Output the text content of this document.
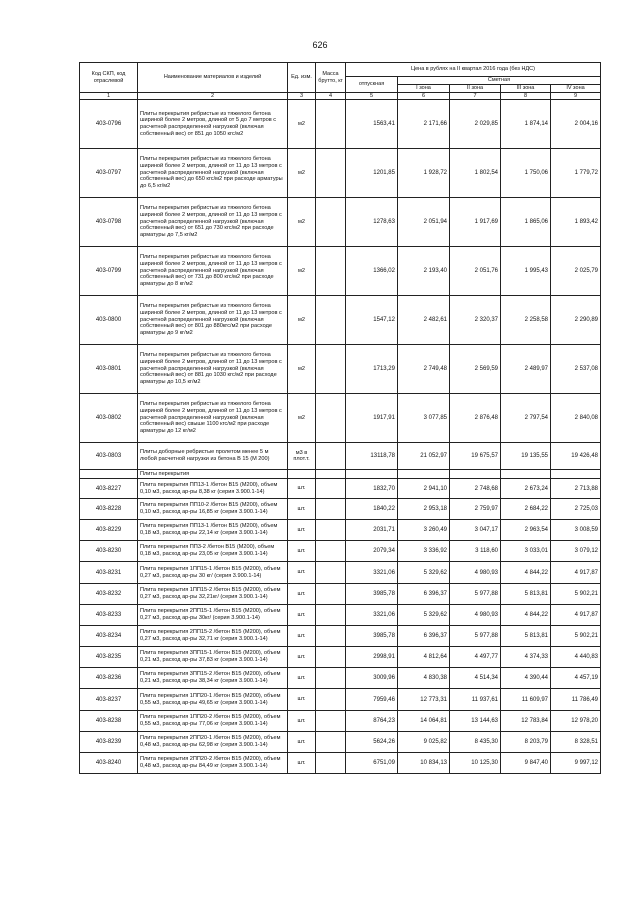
626
Код СКП, код отраслевой	Наименование материалов и изделий	Ед. изм.	Масса брутто, кг	Цена в рублях на II квартал 2016 года (без НДС)				
				отпускная	Сметная			
					I зона	II зона	III зона	IV зона
1	2	3	4	5	6	7	8	9
403-0796	Плиты перекрытия ребристые из тяжелого бетона шириной более 2 метров, длиной от 5 до 7 метров с расчетной распределенной нагрузкой (включая собственный вес) от 851 до 1050 кгс/м2	м2		1563,41	2 171,66	2 029,85	1 874,14	2 004,16
403-0797	Плиты перекрытия ребристые из тяжелого бетона шириной более 2 метров, длиной от 11 до 13 метров с расчетной распределенной нагрузкой (включая собственный вес) до 650 кгс/м2 при расходе арматуры до 6,5 кг/м2	м2		1201,85	1 928,72	1 802,54	1 750,06	1 779,72
403-0798	Плиты перекрытия ребристые из тяжелого бетона шириной более 2 метров, длиной от 11 до 13 метров с расчетной распределенной нагрузкой (включая собственный вес) от 651 до 730 кгс/м2 при расходе арматуры до 7,5 кг/м2	м2		1278,63	2 051,94	1 917,69	1 865,06	1 893,42
403-0799	Плиты перекрытия ребристые из тяжелого бетона шириной более 2 метров, длиной от 11 до 13 метров с расчетной распределенной нагрузкой (включая собственный вес) от 731 до 800 кгс/м2 при расходе арматуры до 8 кг/м2	м2		1366,02	2 193,40	2 051,76	1 995,43	2 025,79
403-0800	Плиты перекрытия ребристые из тяжелого бетона шириной более 2 метров, длиной от 11 до 13 метров с расчетной распределенной нагрузкой (включая собственный вес) от 801 до 880кгс/м2 при расходе арматуры до 9 кг/м2	м2		1547,12	2 482,61	2 320,37	2 258,58	2 290,89
403-0801	Плиты перекрытия ребристые из тяжелого бетона шириной более 2 метров, длиной от 11 до 13 метров с расчетной распределенной нагрузкой (включая собственный вес) от 881 до 1030 кгс/м2 при расходе арматуры до 10,5 кг/м2	м2		1713,29	2 749,48	2 569,59	2 489,97	2 537,08
403-0802	Плиты перекрытия ребристые из тяжелого бетона шириной более 2 метров, длиной от 11 до 13 метров с расчетной распределенной нагрузкой (включая собственный вес) свыше 1100 кгс/м2 при расходе арматуры до 12 кг/м2	м2		1917,91	3 077,85	2 876,48	2 797,54	2 840,08
403-0803	Плиты доборные ребристые пролетом менее 5 м любой расчетной нагрузки из бетона В 15 (М 200)	м3 в плот.т.		13118,78	21 052,97	19 675,57	19 135,55	19 426,48
	Плиты перекрытия							
403-8227	Плита перекрытия ПП13-1 /бетон В15 (М200), объем 0,10 м3, расход ар-ры 8,38 кг (серия 3.900.1-14)	шт.		1832,70	2 941,10	2 748,68	2 673,24	2 713,88
403-8228	Плита перекрытия ПП10-2 /бетон В15 (М200), объем 0,10 м3, расход ар-ры 16,85 кг (серия 3.900.1-14)	шт.		1840,22	2 953,18	2 759,97	2 684,22	2 725,03
403-8229	Плита перекрытия ПП13-1 /бетон В15 (М200), объем 0,18 м3, расход ар-ры 22,14 кг (серия 3.900.1-14)	шт.		2031,71	3 260,49	3 047,17	2 963,54	3 008,59
403-8230	Плита перекрытия ПП3-2 /бетон В15 (М200), объем 0,18 м3, расход ар-ры 23,05 кг (серия 3.900.1-14)	шт.		2079,34	3 336,92	3 118,60	3 033,01	3 079,12
403-8231	Плита перекрытия 1ПП15-1 /бетон В15 (М200), объем 0,27 м3, расход ар-ры 30 кг/ (серия 3.900.1-14)	шт.		3321,06	5 329,62	4 980,93	4 844,22	4 917,87
403-8232	Плита перекрытия 1ПП15-2 /бетон В15 (М200), объем 0,27 м3, расход ар-ры 32,21кг/ (серия 3.900.1-14)	шт.		3985,78	6 396,37	5 977,88	5 813,81	5 902,21
403-8233	Плита перекрытия 2ПП15-1 /бетон В15 (М200), объем 0,27 м3, расход ар-ры 30кг/ (серия 3.900.1-14)	шт.		3321,06	5 329,62	4 980,93	4 844,22	4 917,87
403-8234	Плита перекрытия 2ПП15-2 /бетон В15 (М200), объем 0,27 м3, расход ар-ры 32,71 кг (серия 3.900.1-14)	шт.		3985,78	6 396,37	5 977,88	5 813,81	5 902,21
403-8235	Плита перекрытия 3ПП15-1 /бетон В15 (М200), объем 0,21 м3, расход ар-ры 37,83 кг (серия 3.900.1-14)	шт.		2998,91	4 812,64	4 497,77	4 374,33	4 440,83
403-8236	Плита перекрытия 3ПП15-2 /бетон В15 (М200), объем 0,21 м3, расход ар-ры 38,34 кг (серия 3.900.1-14)	шт.		3009,96	4 830,38	4 514,34	4 390,44	4 457,19
403-8237	Плита перекрытия 1ПП20-1 /бетон В15 (М200), объем 0,55 м3, расход ар-ры 49,65 кг (серия 3.900.1-14)	шт.		7959,46	12 773,31	11 937,61	11 609,97	11 786,49
403-8238	Плита перекрытия 1ПП20-2 /бетон В15 (М200), объем 0,55 м3, расход ар-ры 77,06 кг (серия 3.900.1-14)	шт.		8764,23	14 064,81	13 144,63	12 783,84	12 978,20
403-8239	Плита перекрытия 2ПП20-1 /бетон В15 (М200), объем 0,48 м3, расход ар-ры 62,98 кг (серия 3.900.1-14)	шт.		5624,26	9 025,82	8 435,30	8 203,79	8 328,51
403-8240	Плита перекрытия 2ПП20-2 /бетон В15 (М200), объем 0,48 м3, расход ар-ры 84,49 кг (серия 3.900.1-14)	шт.		6751,09	10 834,13	10 125,30	9 847,40	9 997,12
